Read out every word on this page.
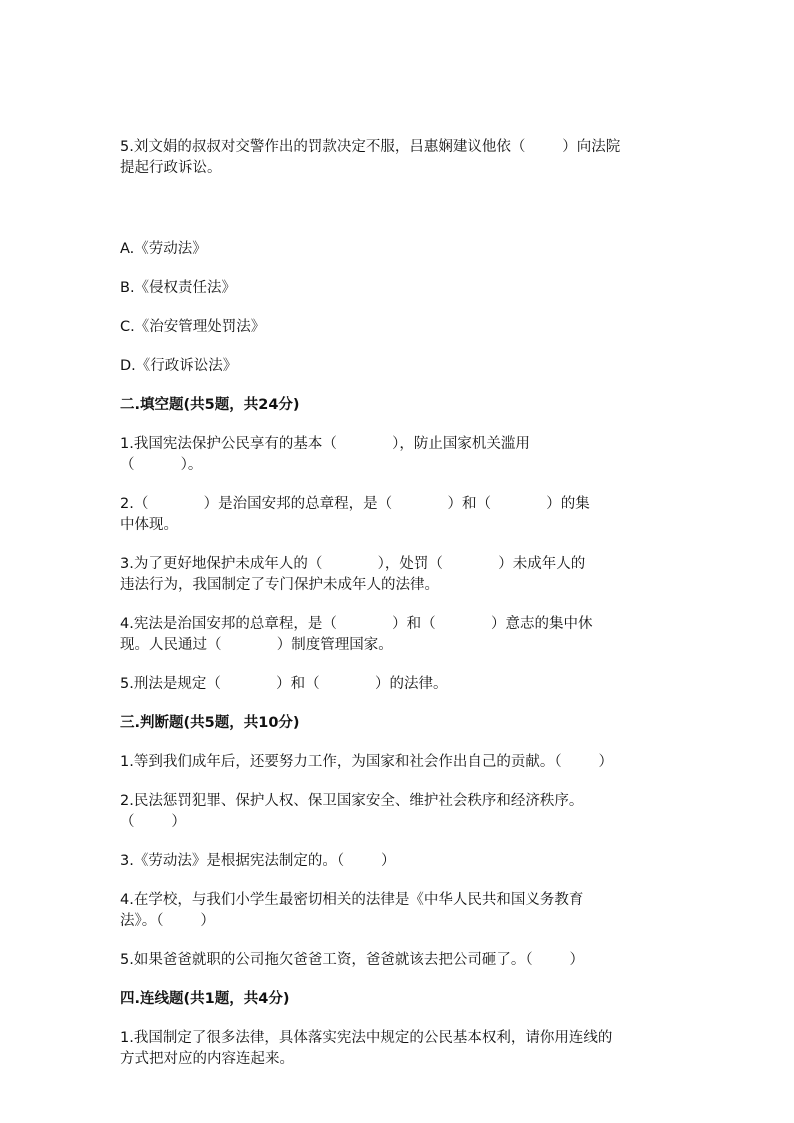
5.刘文娟的叔叔对交警作出的罚款决定不服，吕惠娴建议他依（        ）向法院
提起行政诉讼。

A.《劳动法》

B.《侵权责任法》

C.《治安管理处罚法》

D.《行政诉讼法》

二.填空题(共5题，共24分)

1.我国宪法保护公民享有的基本（            ），防止国家机关滥用
（          ）。

2.（            ）是治国安邦的总章程，是（            ）和（            ）的集
中体现。

3.为了更好地保护未成年人的（            ），处罚（            ）未成年人的
违法行为，我国制定了专门保护未成年人的法律。

4.宪法是治国安邦的总章程，是（            ）和（            ）意志的集中休
现。人民通过（            ）制度管理国家。

5.刑法是规定（            ）和（            ）的法律。

三.判断题(共5题，共10分)

1.等到我们成年后，还要努力工作，为国家和社会作出自己的贡献。（        ）

2.民法惩罚犯罪、保护人权、保卫国家安全、维护社会秩序和经济秩序。
（        ）

3.《劳动法》是根据宪法制定的。（        ）

4.在学校，与我们小学生最密切相关的法律是《中华人民共和国义务教育
法》。（        ）

5.如果爸爸就职的公司拖欠爸爸工资，爸爸就该去把公司砸了。（        ）

四.连线题(共1题，共4分)

1.我国制定了很多法律，具体落实宪法中规定的公民基本权利，请你用连线的
方式把对应的内容连起来。
